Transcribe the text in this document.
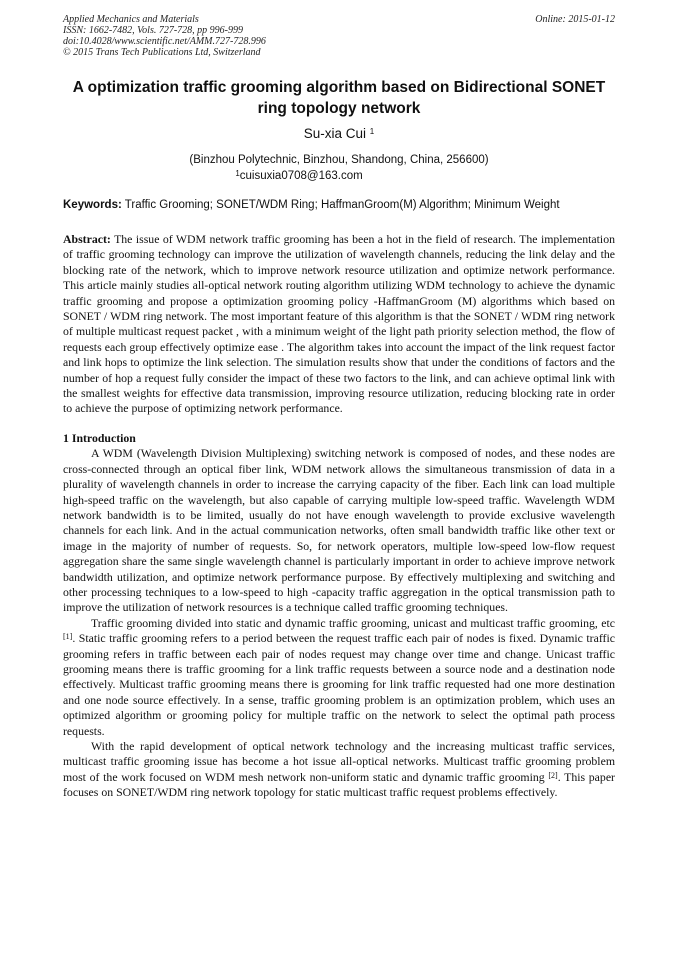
Applied Mechanics and Materials
ISSN: 1662-7482, Vols. 727-728, pp 996-999
doi:10.4028/www.scientific.net/AMM.727-728.996
© 2015 Trans Tech Publications Ltd, Switzerland
Online: 2015-01-12
A optimization traffic grooming algorithm based on Bidirectional SONET ring topology network
Su-xia Cui $^1$
(Binzhou Polytechnic, Binzhou, Shandong, China, 256600)
$^1$cuisuxia0708@163.com
Keywords: Traffic Grooming; SONET/WDM Ring; HaffmanGroom(M) Algorithm; Minimum Weight
Abstract: The issue of WDM network traffic grooming has been a hot in the field of research. The implementation of traffic grooming technology can improve the utilization of wavelength channels, reducing the link delay and the blocking rate of the network, which to improve network resource utilization and optimize network performance. This article mainly studies all-optical network routing algorithm utilizing WDM technology to achieve the dynamic traffic grooming and propose a optimization grooming policy -HaffmanGroom (M) algorithms which based on SONET / WDM ring network. The most important feature of this algorithm is that the SONET / WDM ring network of multiple multicast request packet , with a minimum weight of the light path priority selection method, the flow of requests each group effectively optimize ease . The algorithm takes into account the impact of the link request factor and link hops to optimize the link selection. The simulation results show that under the conditions of factors and the number of hop a request fully consider the impact of these two factors to the link, and can achieve optimal link with the smallest weights for effective data transmission, improving resource utilization, reducing blocking rate in order to achieve the purpose of optimizing network performance.
1 Introduction
A WDM (Wavelength Division Multiplexing) switching network is composed of nodes, and these nodes are cross-connected through an optical fiber link, WDM network allows the simultaneous transmission of data in a plurality of wavelength channels in order to increase the carrying capacity of the fiber. Each link can load multiple high-speed traffic on the wavelength, but also capable of carrying multiple low-speed traffic. Wavelength WDM network bandwidth is to be limited, usually do not have enough wavelength to provide exclusive wavelength channels for each link. And in the actual communication networks, often small bandwidth traffic like other text or image in the majority of number of requests. So, for network operators, multiple low-speed low-flow request aggregation share the same single wavelength channel is particularly important in order to achieve improve network bandwidth utilization, and optimize network performance purpose. By effectively multiplexing and switching and other processing techniques to a low-speed to high -capacity traffic aggregation in the optical transmission path to improve the utilization of network resources is a technique called traffic grooming techniques.
Traffic grooming divided into static and dynamic traffic grooming, unicast and multicast traffic grooming, etc [1]. Static traffic grooming refers to a period between the request traffic each pair of nodes is fixed. Dynamic traffic grooming refers in traffic between each pair of nodes request may change over time and change. Unicast traffic grooming means there is traffic grooming for a link traffic requests between a source node and a destination node effectively. Multicast traffic grooming means there is grooming for link traffic requested had one more destination and one node source effectively. In a sense, traffic grooming problem is an optimization problem, which uses an optimized algorithm or grooming policy for multiple traffic on the network to select the optimal path process requests.
With the rapid development of optical network technology and the increasing multicast traffic services, multicast traffic grooming issue has become a hot issue all-optical networks. Multicast traffic grooming problem most of the work focused on WDM mesh network non-uniform static and dynamic traffic grooming [2]. This paper focuses on SONET/WDM ring network topology for static multicast traffic request problems effectively.
